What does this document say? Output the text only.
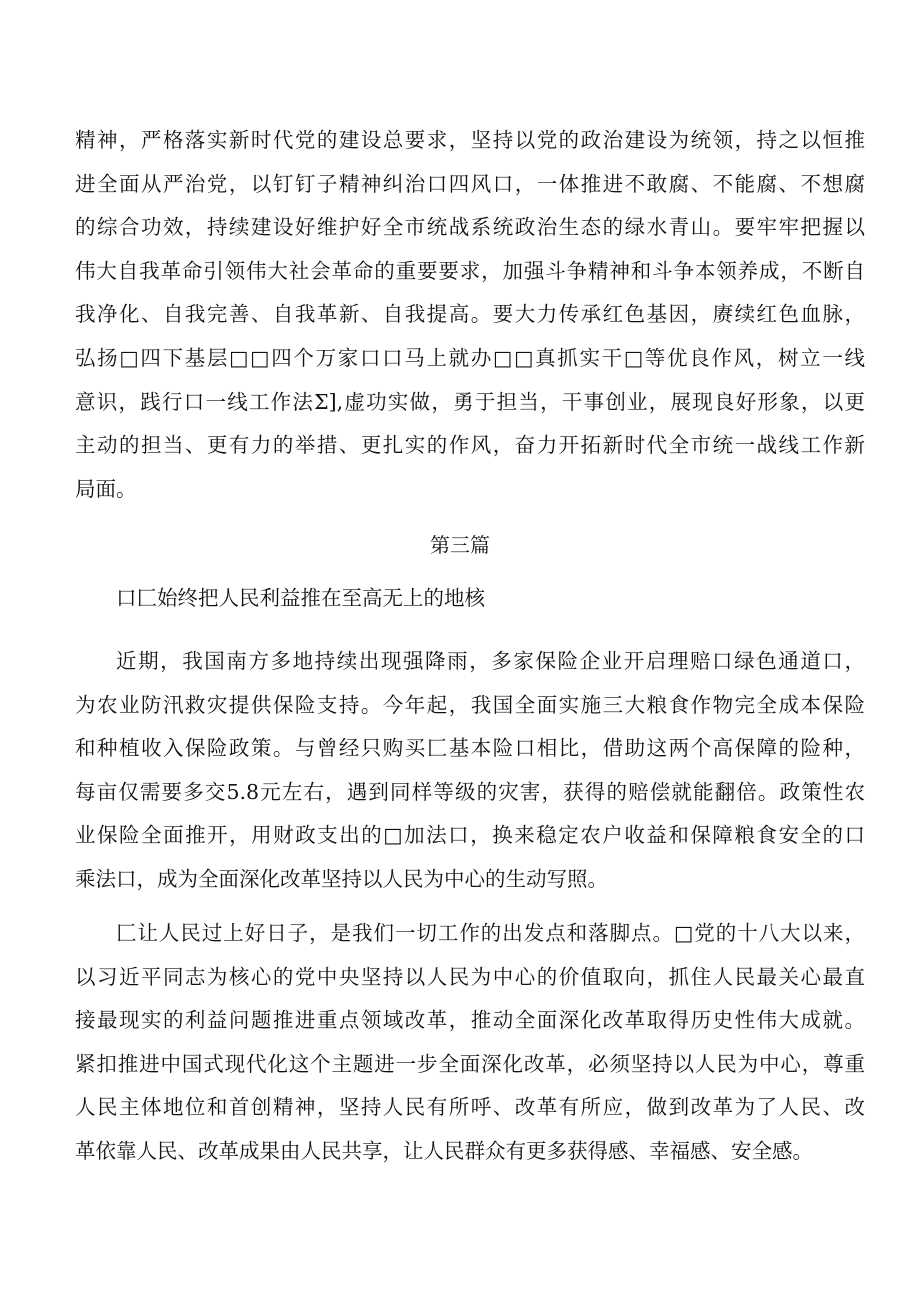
精神，严格落实新时代党的建设总要求，坚持以党的政治建设为统领，持之以恒推
进全面从严治党，以钉钉子精神纠治口四风口，一体推进不敢腐、不能腐、不想腐
的综合功效，持续建设好维护好全市统战系统政治生态的绿水青山。要牢牢把握以
伟大自我革命引领伟大社会革命的重要要求，加强斗争精神和斗争本领养成，不断自
我净化、自我完善、自我革新、自我提高。要大力传承红色基因，赓续红色血脉，
弘扬□四下基层□□四个万家口口马上就办□□真抓实干□等优良作风，树立一线
意识，践行口一线工作法Σ],虚功实做，勇于担当，干事创业，展现良好形象，以更
主动的担当、更有力的举措、更扎实的作风，奋力开拓新时代全市统一战线工作新
局面。
第三篇
口匚始终把人民利益推在至高无上的地核
近期，我国南方多地持续出现强降雨，多家保险企业开启理赔口绿色通道口，
为农业防汛救灾提供保险支持。今年起，我国全面实施三大粮食作物完全成本保险
和种植收入保险政策。与曾经只购买匚基本险口相比，借助这两个高保障的险种，
每亩仅需要多交5.8元左右，遇到同样等级的灾害，获得的赔偿就能翻倍。政策性农
业保险全面推开，用财政支出的□加法口，换来稳定农户收益和保障粮食安全的口
乘法口，成为全面深化改革坚持以人民为中心的生动写照。
匚让人民过上好日子，是我们一切工作的出发点和落脚点。□党的十八大以来，
以习近平同志为核心的党中央坚持以人民为中心的价值取向，抓住人民最关心最直
接最现实的利益问题推进重点领域改革，推动全面深化改革取得历史性伟大成就。
紧扣推进中国式现代化这个主题进一步全面深化改革，必须坚持以人民为中心，尊重
人民主体地位和首创精神，坚持人民有所呼、改革有所应，做到改革为了人民、改
革依靠人民、改革成果由人民共享，让人民群众有更多获得感、幸福感、安全感。
